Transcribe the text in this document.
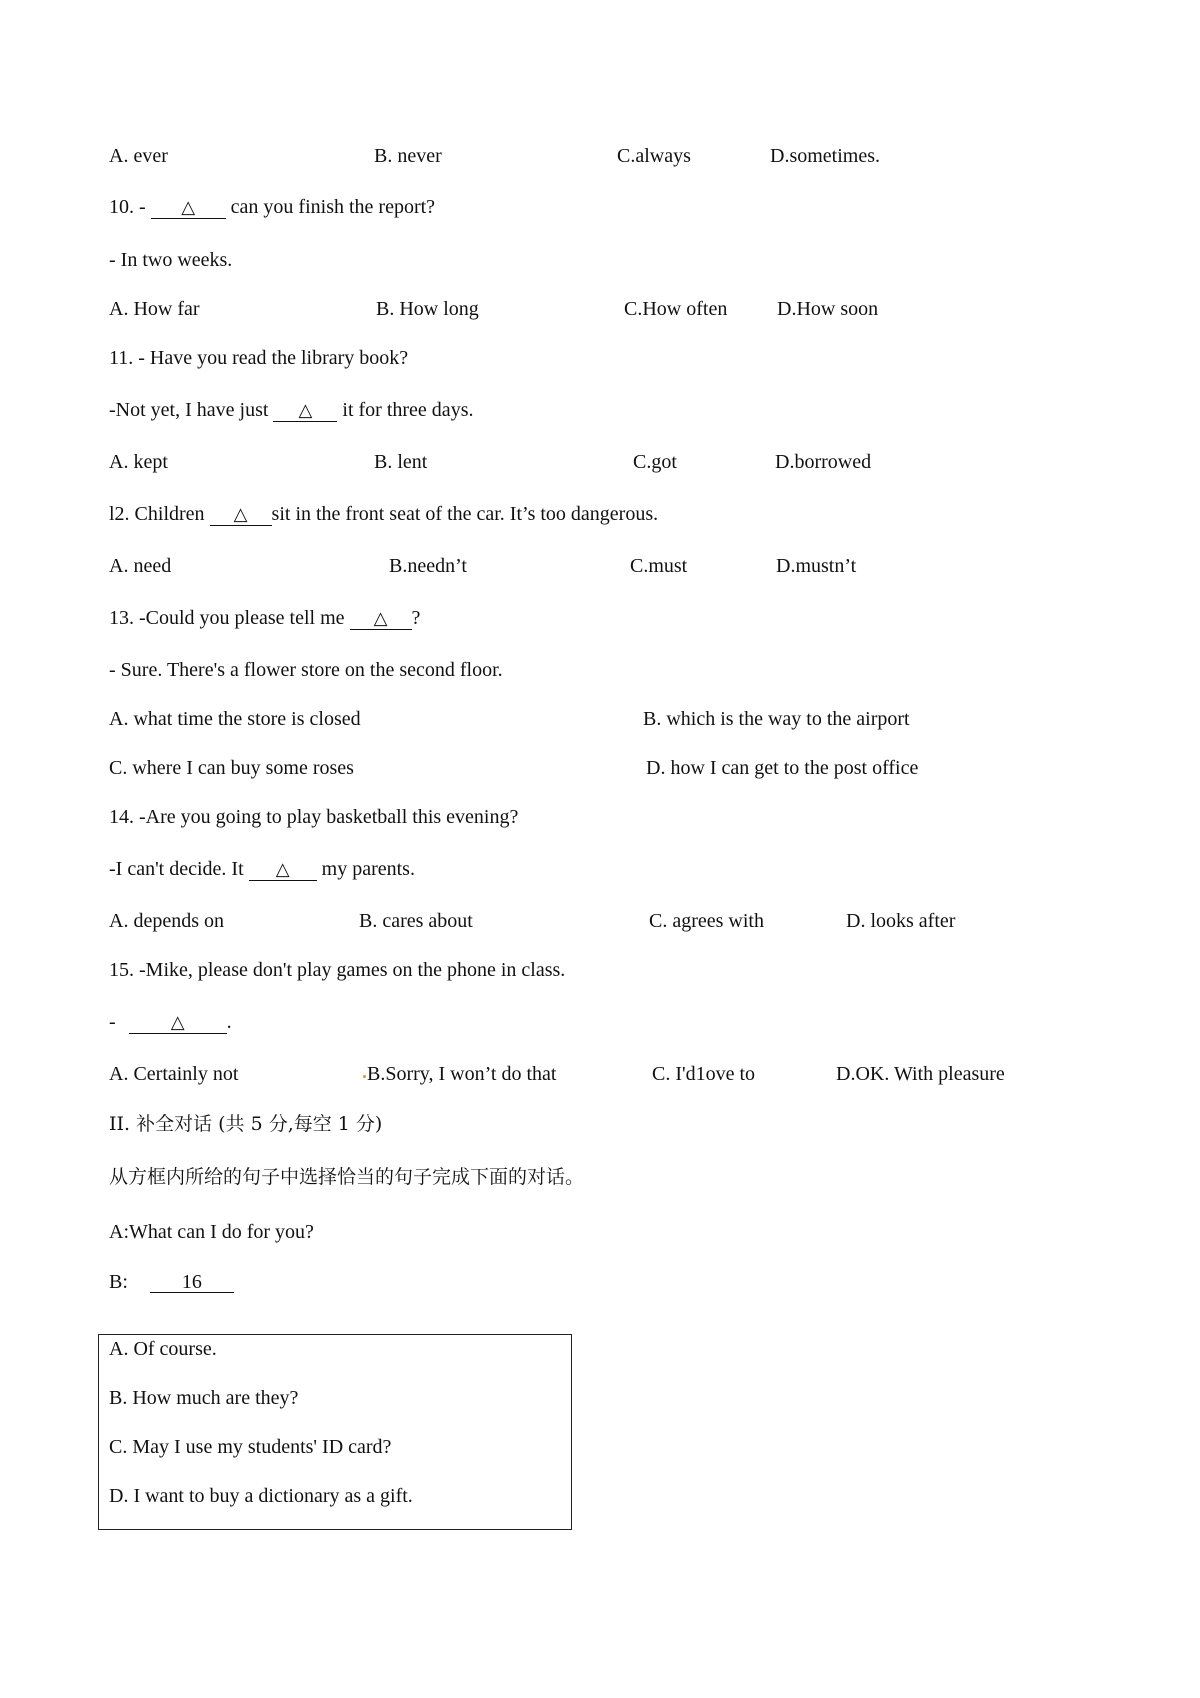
A. ever	B. never	C.always	D.sometimes.
10. - △ can you finish the report?
- In two weeks.
A. How far	B. How long	C.How often D.How soon
11. - Have you read the library book?
-Not yet, I have just △ it for three days.
A. kept	B. lent	C.got	D.borrowed
l2. Children △ sit in the front seat of the car. It’s too dangerous.
A. need	B.needn’t	C.must	D.mustn’t
13. -Could you please tell me △ ?
- Sure. There's a flower store on the second floor.
A. what time the store is closed	B. which is the way to the airport
C. where I can buy some roses	D. how I can get to the post office
14. -Are you going to play basketball this evening?
-I can't decide. It △ my parents.
A. depends on	B. cares about	C. agrees with	D. looks after
15. -Mike, please don't play games on the phone in class.
-	△ .
A. Certainly not	B.Sorry, I won’t do that	C. I'd1ove to	D.OK. With pleasure
II. 补全对话 (共 5 分,每空 1 分)
从方框内所给的句子中选择恰当的句子完成下面的对话。
A:What can I do for you?
B:	16
A. Of course.
B. How much are they?
C. May I use my students' ID card?
D. I want to buy a dictionary as a gift.
